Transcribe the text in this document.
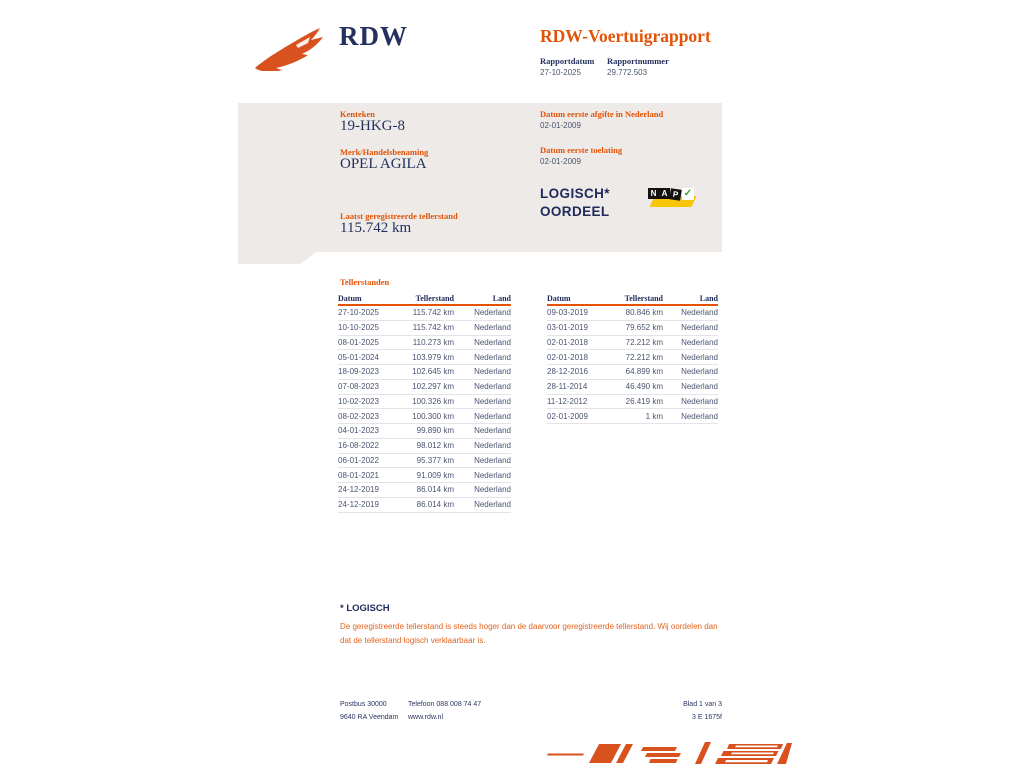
RDW	RDW-Voertuigrapport
Rapportdatum
27-10-2025
Rapportnummer
29.772.503
Kenteken
19-HKG-8
Merk/Handelsbenaming
OPEL AGILA
Laatst geregistreerde tellerstand
115.742 km
Datum eerste afgifte in Nederland
02-01-2009
Datum eerste toelating
02-01-2009
LOGISCH*
OORDEEL
N A P ✓
Tellerstanden
Datum	Tellerstand	Land
27-10-2025	115.742 km	Nederland
10-10-2025	115.742 km	Nederland
08-01-2025	110.273 km	Nederland
05-01-2024	103.979 km	Nederland
18-09-2023	102.645 km	Nederland
07-08-2023	102.297 km	Nederland
10-02-2023	100.326 km	Nederland
08-02-2023	100.300 km	Nederland
04-01-2023	99.890 km	Nederland
16-08-2022	98.012 km	Nederland
06-01-2022	95.377 km	Nederland
08-01-2021	91.009 km	Nederland
24-12-2019	86.014 km	Nederland
24-12-2019	86.014 km	Nederland
Datum	Tellerstand	Land
09-03-2019	80.846 km	Nederland
03-01-2019	79.652 km	Nederland
02-01-2018	72.212 km	Nederland
02-01-2018	72.212 km	Nederland
28-12-2016	64.899 km	Nederland
28-11-2014	46.490 km	Nederland
11-12-2012	26.419 km	Nederland
02-01-2009	1 km	Nederland
* LOGISCH
De geregistreerde tellerstand is steeds hoger dan de daarvoor geregistreerde tellerstand. Wij oordelen dan
dat de tellerstand logisch verklaarbaar is.
Postbus 30000
9640 RA Veendam
Telefoon 088 008 74 47
www.rdw.nl
Blad 1 van 3
3 E 1675f
